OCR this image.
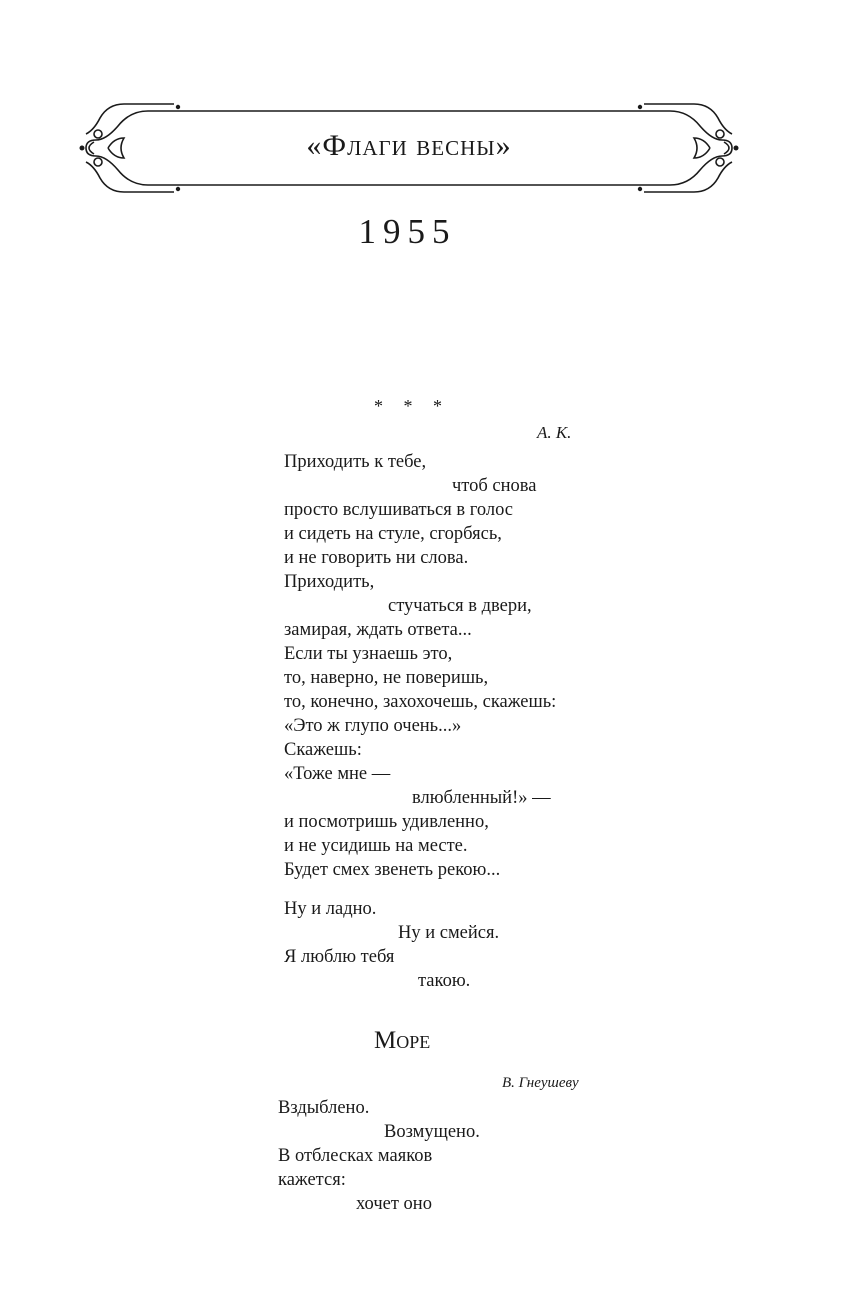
«Флаги весны»
1955
* * *
А. К.
Приходить к тебе,
чтоб снова
просто вслушиваться в голос
и сидеть на стуле, сгорбясь,
и не говорить ни слова.
Приходить,
стучаться в двери,
замирая, ждать ответа...
Если ты узнаешь это,
то, наверно, не поверишь,
то, конечно, захохочешь, скажешь:
«Это ж глупо очень...»
Скажешь:
«Тоже мне —
влюбленный!» —
и посмотришь удивленно,
и не усидишь на месте.
Будет смех звенеть рекою...
Ну и ладно.
Ну и смейся.
Я люблю тебя
такою.
Море
В. Гнеушеву
Вздыблено.
Возмущено.
В отблесках маяков
кажется:
хочет оно
